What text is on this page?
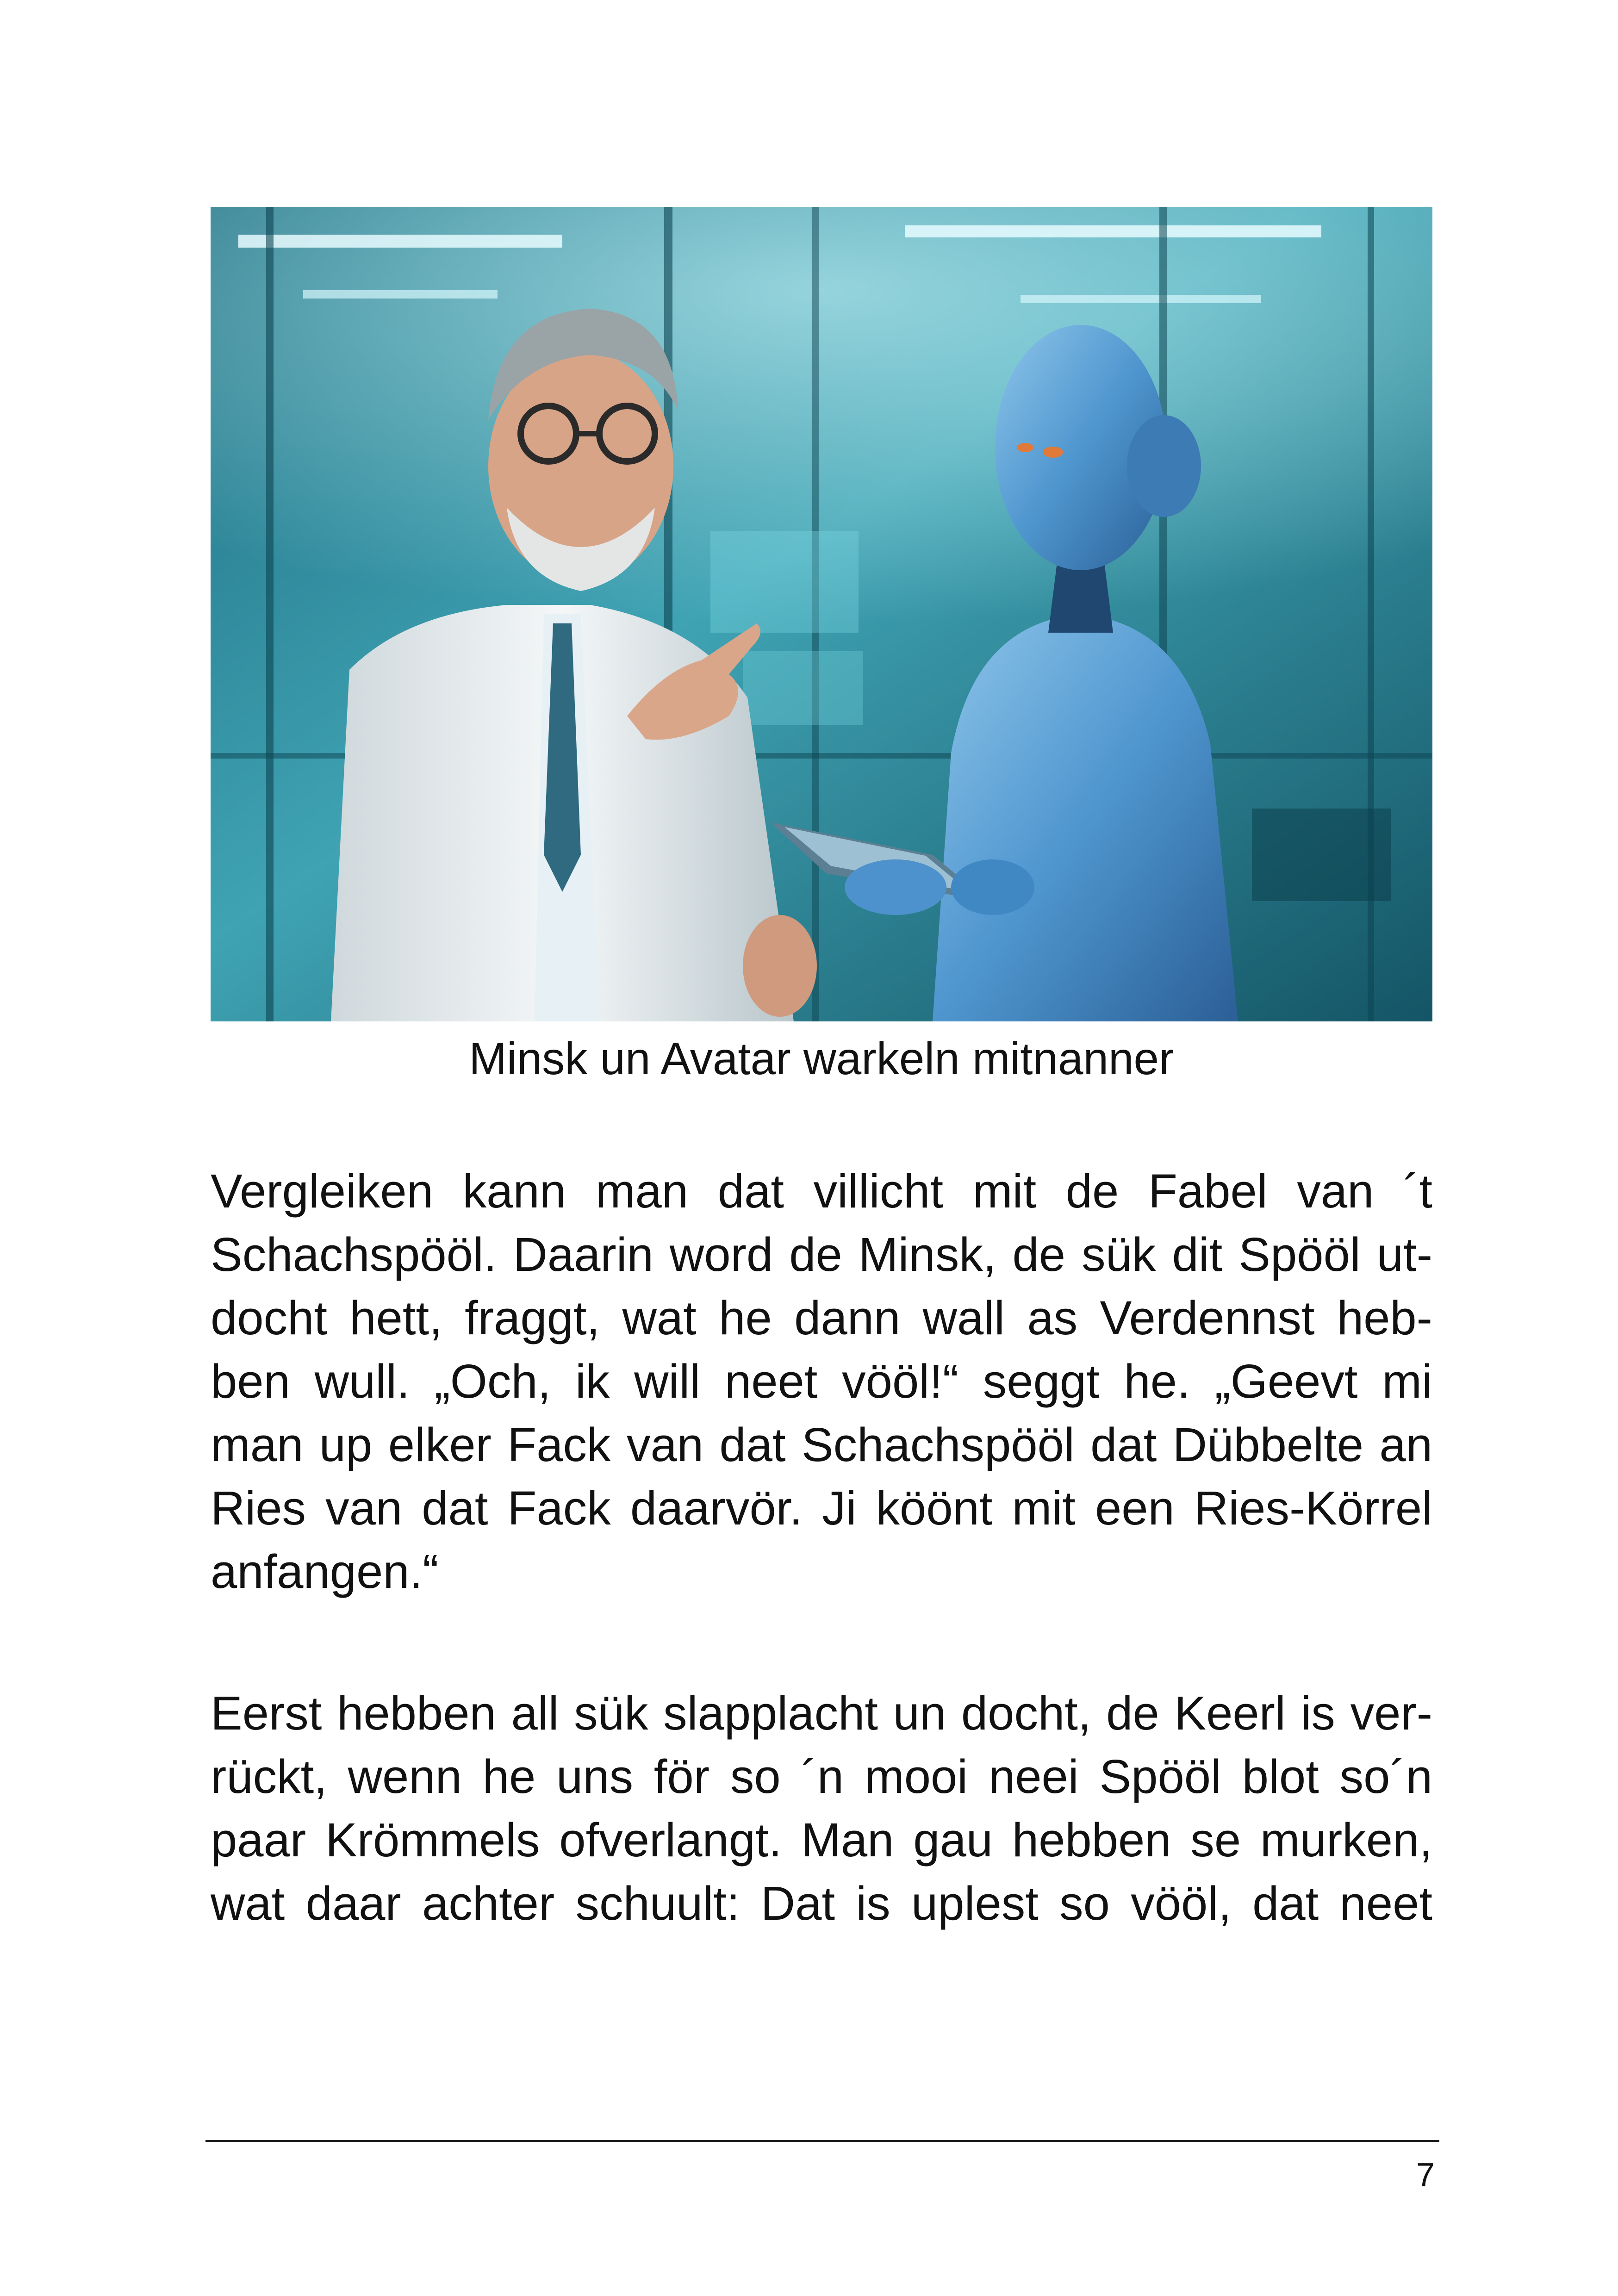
Minsk un Avatar warkeln mitnanner
Vergleiken kann man dat villicht mit de Fabel van ´t
Schachspööl. Daarin word de Minsk, de sük dit Spööl ut-
docht hett, fraggt, wat he dann wall as Verdennst heb-
ben wull. „Och, ik will neet vööl!“ seggt he. „Geevt mi
man up elker Fack van dat Schachspööl dat Dübbelte an
Ries van dat Fack daarvör. Ji köönt mit een Ries-Körrel
anfangen.“
Eerst hebben all sük slapplacht un docht, de Keerl is ver-
rückt, wenn he uns för so ´n mooi neei Spööl blot so´n
paar Krömmels ofverlangt. Man gau hebben se murken,
wat daar achter schuult: Dat is uplest so vööl, dat neet
7
